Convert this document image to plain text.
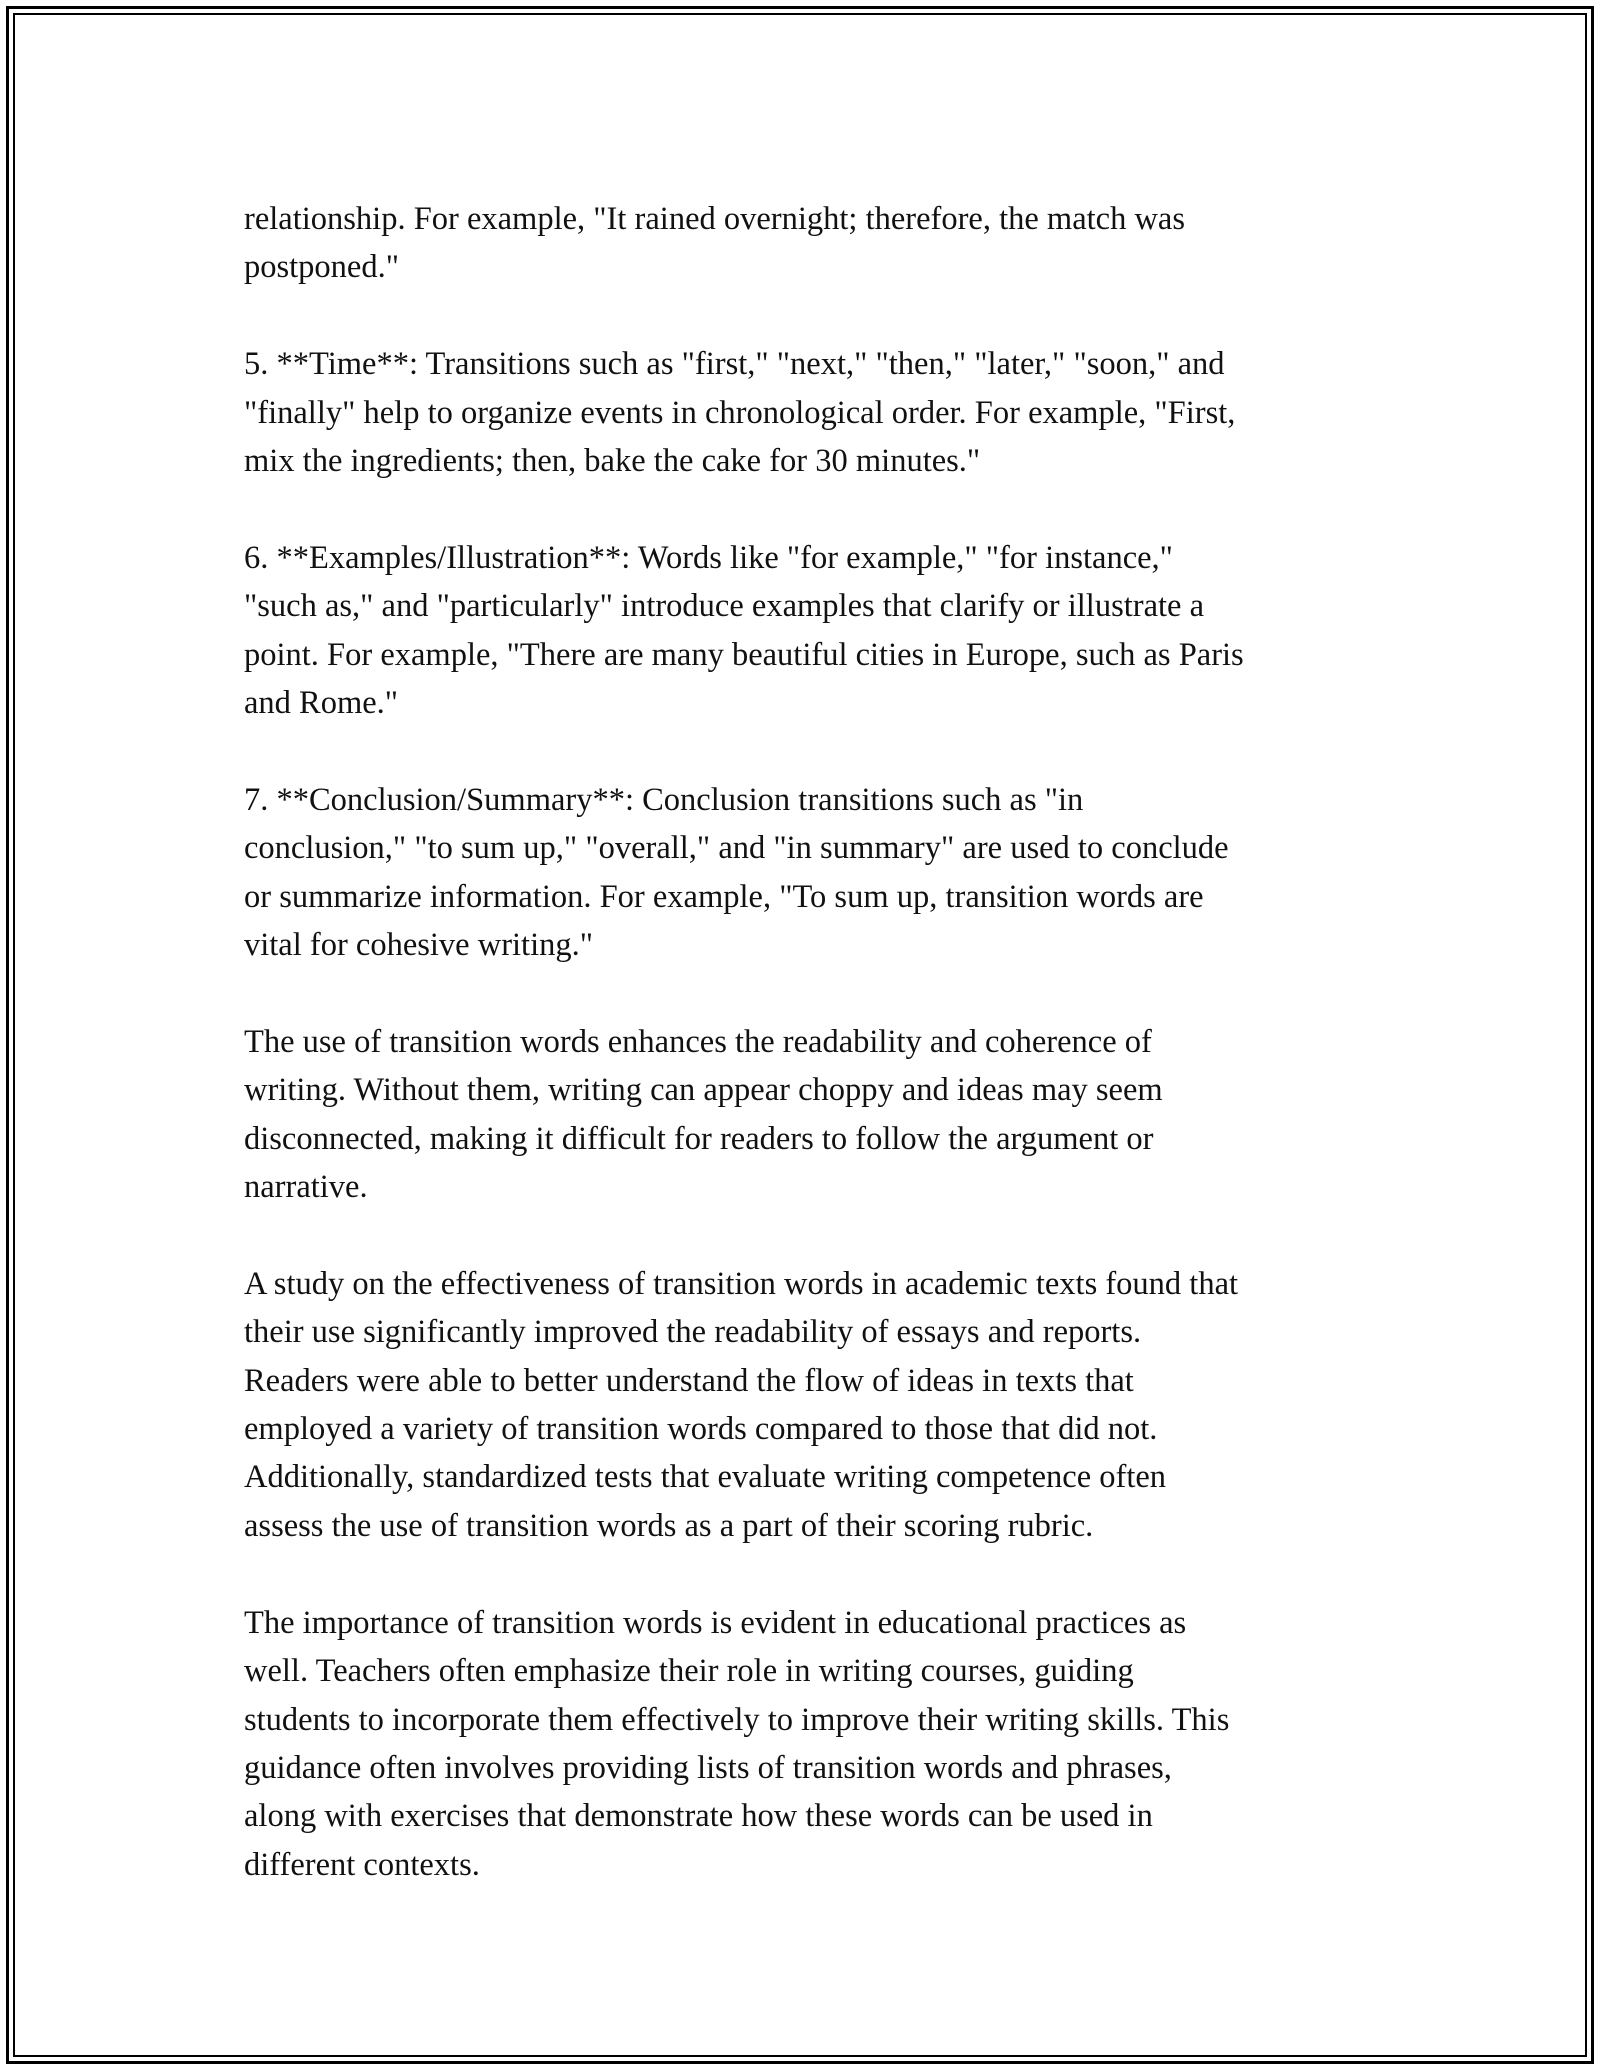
relationship. For example, "It rained overnight; therefore, the match was
postponed."

5. **Time**: Transitions such as "first," "next," "then," "later," "soon," and
"finally" help to organize events in chronological order. For example, "First,
mix the ingredients; then, bake the cake for 30 minutes."

6. **Examples/Illustration**: Words like "for example," "for instance,"
"such as," and "particularly" introduce examples that clarify or illustrate a
point. For example, "There are many beautiful cities in Europe, such as Paris
and Rome."

7. **Conclusion/Summary**: Conclusion transitions such as "in
conclusion," "to sum up," "overall," and "in summary" are used to conclude
or summarize information. For example, "To sum up, transition words are
vital for cohesive writing."

The use of transition words enhances the readability and coherence of
writing. Without them, writing can appear choppy and ideas may seem
disconnected, making it difficult for readers to follow the argument or
narrative.

A study on the effectiveness of transition words in academic texts found that
their use significantly improved the readability of essays and reports.
Readers were able to better understand the flow of ideas in texts that
employed a variety of transition words compared to those that did not.
Additionally, standardized tests that evaluate writing competence often
assess the use of transition words as a part of their scoring rubric.

The importance of transition words is evident in educational practices as
well. Teachers often emphasize their role in writing courses, guiding
students to incorporate them effectively to improve their writing skills. This
guidance often involves providing lists of transition words and phrases,
along with exercises that demonstrate how these words can be used in
different contexts.
